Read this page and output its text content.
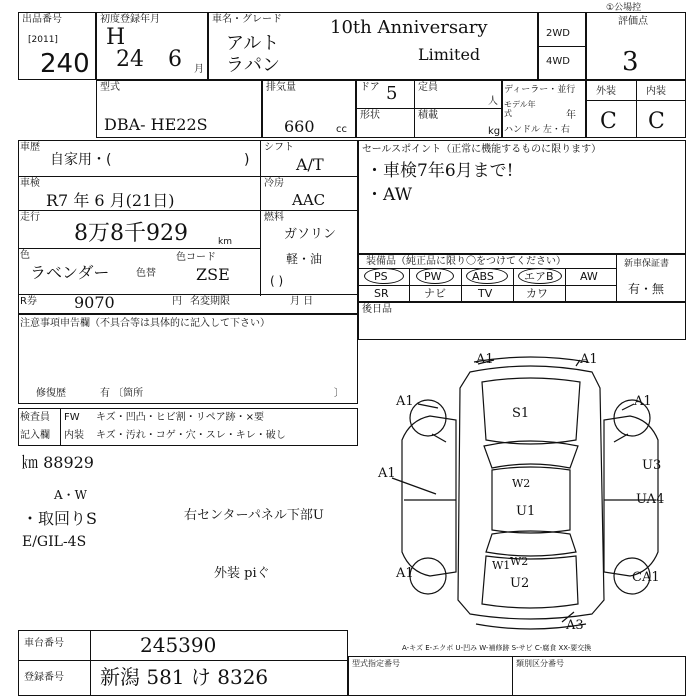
出品番号
[2011]
240
初度登録年月
H
24 6 月
車名・グレード
アルト
ラパン
10th Anniversary
Limited
2WD
4WD
①公場控
評価点
3
型式
DBA- HE22S
排気量
660 cc
ドア 5 定員
人
形状	積載
kg
ディーラー・並行
モデル年式	年
ハンドル 左・右
外装	内装
C C
車歴
自家用・(	)
シフト
A/T
車検
R7 年 6 月(21日)
冷房
AAC
走行
8万8千929	km
燃料
ガソリン
軽・油
( )
色
ラベンダー	色替
色コード
ZSE
R券 9070	円 名変期限	月 日
セールスポイント（正常に機能するものに限ります）
・車検7年6月まで!
・AW
装備品（純正品に限り〇をつけてください）	新車保証書
有・無
PS	PW	ABS	エアB AW
SR	ナビ	TV	カワ
後日品
注意事項申告欄（不具合等は具体的に記入して下さい）
修復歴	有 〔箇所	〕
検査員
記入欄
FW キズ・凹凸・ヒビ割・リペア跡・×要
内装 キズ・汚れ・コゲ・穴・スレ・キレ・破し
㎞ 88929
A・W
・取回りS
E/GIL-4S
右センターパネル下部U
外装 piぐ
A1	A1
A1	A1
A1
S1
W2
W2
U1
U3
UA4
A1
W1
U2	CA1
A3
A-キズ E-エクボ U-凹み W-補修跡 S-サビ C-腐食 XX-要交換
車台番号	245390
登録番号 新潟 581 け 8326
型式指定番号	類別区分番号
